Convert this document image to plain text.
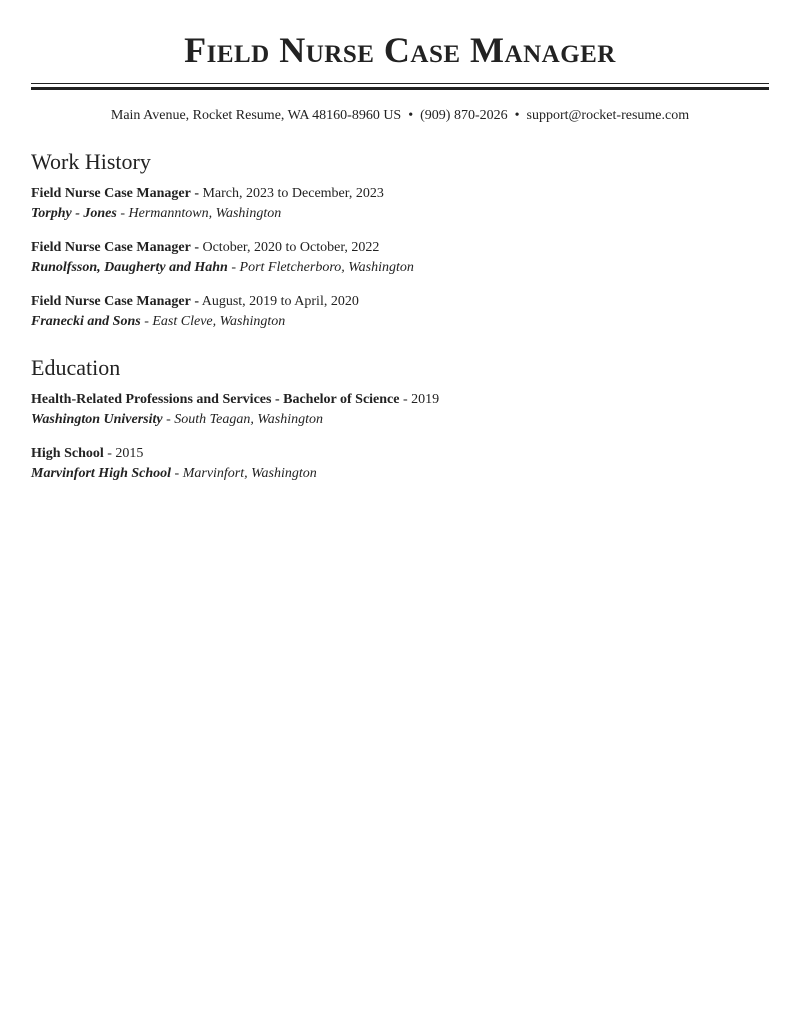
Field Nurse Case Manager
Main Avenue, Rocket Resume, WA 48160-8960 US • (909) 870-2026 • support@rocket-resume.com
Work History
Field Nurse Case Manager - March, 2023 to December, 2023
Torphy - Jones - Hermanntown, Washington
Field Nurse Case Manager - October, 2020 to October, 2022
Runolfsson, Daugherty and Hahn - Port Fletcherboro, Washington
Field Nurse Case Manager - August, 2019 to April, 2020
Franecki and Sons - East Cleve, Washington
Education
Health-Related Professions and Services - Bachelor of Science - 2019
Washington University - South Teagan, Washington
High School - 2015
Marvinfort High School - Marvinfort, Washington
